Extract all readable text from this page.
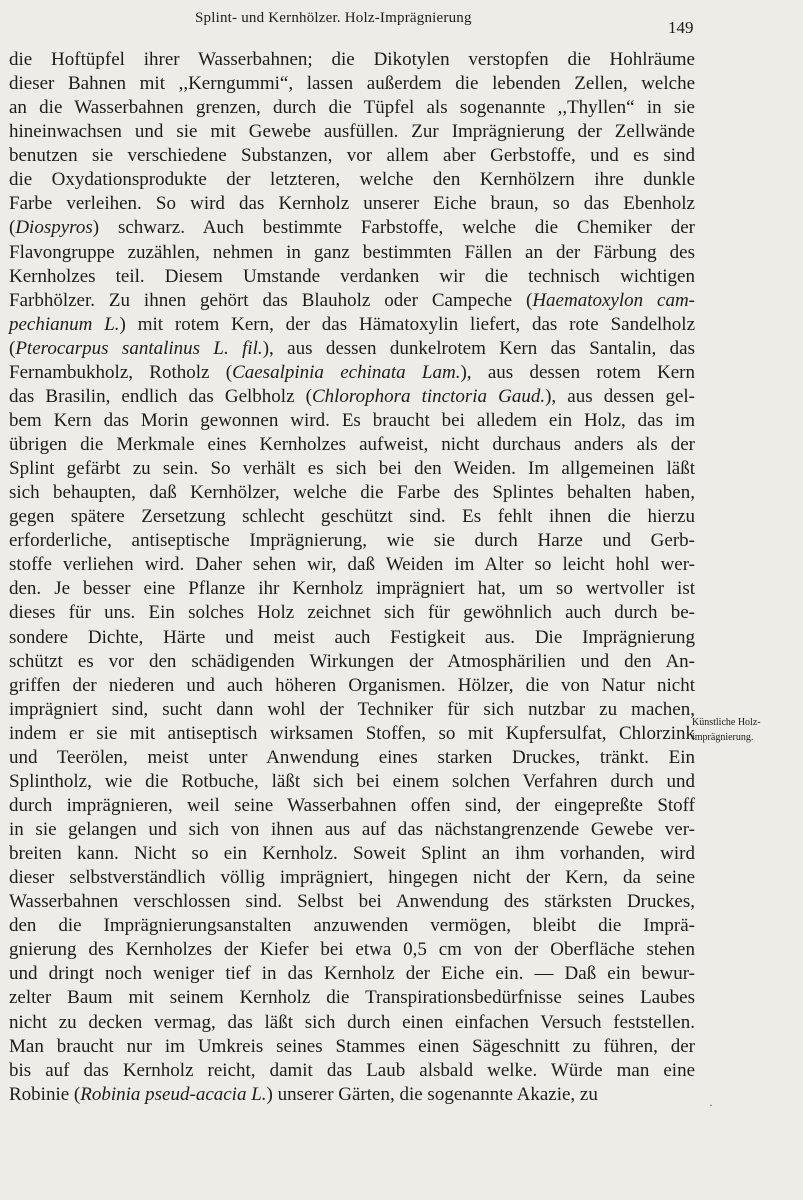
Splint- und Kernhölzer. Holz-Imprägnierung	149
die Hoftüpfel ihrer Wasserbahnen; die Dikotylen verstopfen die Hohlräume
dieser Bahnen mit ,,Kerngummi“, lassen außerdem die lebenden Zellen, welche
an die Wasserbahnen grenzen, durch die Tüpfel als sogenannte ,,Thyllen“ in sie
hineinwachsen und sie mit Gewebe ausfüllen. Zur Imprägnierung der Zellwände
benutzen sie verschiedene Substanzen, vor allem aber Gerbstoffe, und es sind
die Oxydationsprodukte der letzteren, welche den Kernhölzern ihre dunkle
Farbe verleihen. So wird das Kernholz unserer Eiche braun, so das Ebenholz
(Diospyros) schwarz. Auch bestimmte Farbstoffe, welche die Chemiker der
Flavongruppe zuzählen, nehmen in ganz bestimmten Fällen an der Färbung des
Kernholzes teil. Diesem Umstande verdanken wir die technisch wichtigen
Farbhölzer. Zu ihnen gehört das Blauholz oder Campeche (Haematoxylon cam-
pechianum L.) mit rotem Kern, der das Hämatoxylin liefert, das rote Sandelholz
(Pterocarpus santalinus L. fil.), aus dessen dunkelrotem Kern das Santalin, das
Fernambukholz, Rotholz (Caesalpinia echinata Lam.), aus dessen rotem Kern
das Brasilin, endlich das Gelbholz (Chlorophora tinctoria Gaud.), aus dessen gel-
bem Kern das Morin gewonnen wird. Es braucht bei alledem ein Holz, das im
übrigen die Merkmale eines Kernholzes aufweist, nicht durchaus anders als der
Splint gefärbt zu sein. So verhält es sich bei den Weiden. Im allgemeinen läßt
sich behaupten, daß Kernhölzer, welche die Farbe des Splintes behalten haben,
gegen spätere Zersetzung schlecht geschützt sind. Es fehlt ihnen die hierzu
erforderliche, antiseptische Imprägnierung, wie sie durch Harze und Gerb-
stoffe verliehen wird. Daher sehen wir, daß Weiden im Alter so leicht hohl wer-
den. Je besser eine Pflanze ihr Kernholz imprägniert hat, um so wertvoller ist
dieses für uns. Ein solches Holz zeichnet sich für gewöhnlich auch durch be-
sondere Dichte, Härte und meist auch Festigkeit aus. Die Imprägnierung
schützt es vor den schädigenden Wirkungen der Atmosphärilien und den An-
griffen der niederen und auch höheren Organismen. Hölzer, die von Natur nicht
imprägniert sind, sucht dann wohl der Techniker für sich nutzbar zu machen,
indem er sie mit antiseptisch wirksamen Stoffen, so mit Kupfersulfat, Chlorzink
und Teerölen, meist unter Anwendung eines starken Druckes, tränkt. Ein
Splintholz, wie die Rotbuche, läßt sich bei einem solchen Verfahren durch und
durch imprägnieren, weil seine Wasserbahnen offen sind, der eingepreßte Stoff
in sie gelangen und sich von ihnen aus auf das nächstangrenzende Gewebe ver-
breiten kann. Nicht so ein Kernholz. Soweit Splint an ihm vorhanden, wird
dieser selbstverständlich völlig imprägniert, hingegen nicht der Kern, da seine
Wasserbahnen verschlossen sind. Selbst bei Anwendung des stärksten Druckes,
den die Imprägnierungsanstalten anzuwenden vermögen, bleibt die Imprä-
gnierung des Kernholzes der Kiefer bei etwa 0,5 cm von der Oberfläche stehen
und dringt noch weniger tief in das Kernholz der Eiche ein. — Daß ein bewur-
zelter Baum mit seinem Kernholz die Transpirationsbedürfnisse seines Laubes
nicht zu decken vermag, das läßt sich durch einen einfachen Versuch feststellen.
Man braucht nur im Umkreis seines Stammes einen Sägeschnitt zu führen, der
bis auf das Kernholz reicht, damit das Laub alsbald welke. Würde man eine
Robinie (Robinia pseud-acacia L.) unserer Gärten, die sogenannte Akazie, zu
Künstliche Holz-
imprägnierung.
·
